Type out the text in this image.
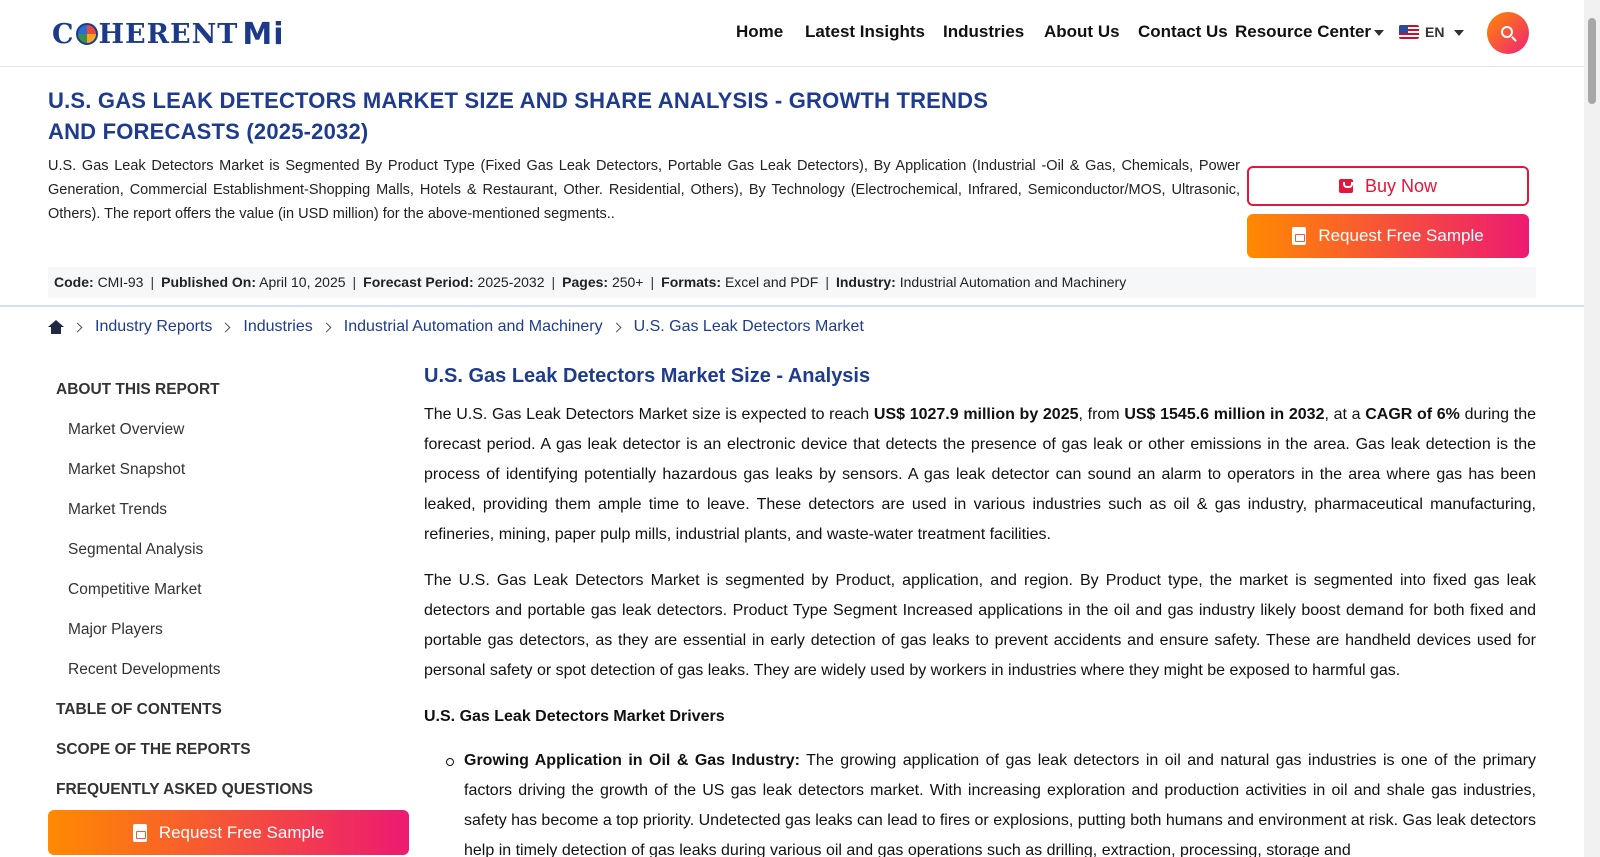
C HERENT Mi	Home Latest Insights Industries About Us Contact Us Resource Center	EN
U.S. GAS LEAK DETECTORS MARKET SIZE AND SHARE ANALYSIS - GROWTH TRENDS AND FORECASTS (2025-2032)

U.S. Gas Leak Detectors Market is Segmented By Product Type (Fixed Gas Leak Detectors, Portable Gas Leak Detectors), By Application (Industrial -Oil & Gas, Chemicals, Power Generation, Commercial Establishment-Shopping Malls, Hotels & Restaurant, Other. Residential, Others), By Technology (Electrochemical, Infrared, Semiconductor/MOS, Ultrasonic, Others). The report offers the value (in USD million) for the above-mentioned segments..

Buy Now
Request Free Sample
Code: CMI-93 | Published On: April 10, 2025 | Forecast Period: 2025-2032 | Pages: 250+ | Formats: Excel and PDF | Industry: Industrial Automation and Machinery
Industry Reports Industries Industrial Automation and Machinery U.S. Gas Leak Detectors Market
ABOUT THIS REPORT
Market Overview
Market Snapshot
Market Trends
Segmental Analysis
Competitive Market
Major Players
Recent Developments
TABLE OF CONTENTS
SCOPE OF THE REPORTS
FREQUENTLY ASKED QUESTIONS
Request Free Sample
U.S. Gas Leak Detectors Market Size - Analysis

The U.S. Gas Leak Detectors Market size is expected to reach US$ 1027.9 million by 2025, from US$ 1545.6 million in 2032, at a CAGR of 6% during the forecast period. A gas leak detector is an electronic device that detects the presence of gas leak or other emissions in the area. Gas leak detection is the process of identifying potentially hazardous gas leaks by sensors. A gas leak detector can sound an alarm to operators in the area where gas has been leaked, providing them ample time to leave. These detectors are used in various industries such as oil & gas industry, pharmaceutical manufacturing, refineries, mining, paper pulp mills, industrial plants, and waste-water treatment facilities.

The U.S. Gas Leak Detectors Market is segmented by Product, application, and region. By Product type, the market is segmented into fixed gas leak detectors and portable gas leak detectors. Product Type Segment Increased applications in the oil and gas industry likely boost demand for both fixed and portable gas detectors, as they are essential in early detection of gas leaks to prevent accidents and ensure safety. These are handheld devices used for personal safety or spot detection of gas leaks. They are widely used by workers in industries where they might be exposed to harmful gas.

U.S. Gas Leak Detectors Market Drivers
Growing Application in Oil & Gas Industry: The growing application of gas leak detectors in oil and natural gas industries is one of the primary factors driving the growth of the US gas leak detectors market. With increasing exploration and production activities in oil and shale gas industries, safety has become a top priority. Undetected gas leaks can lead to fires or explosions, putting both humans and environment at risk. Gas leak detectors help in timely detection of gas leaks during various oil and gas operations such as drilling, extraction, processing, storage and
